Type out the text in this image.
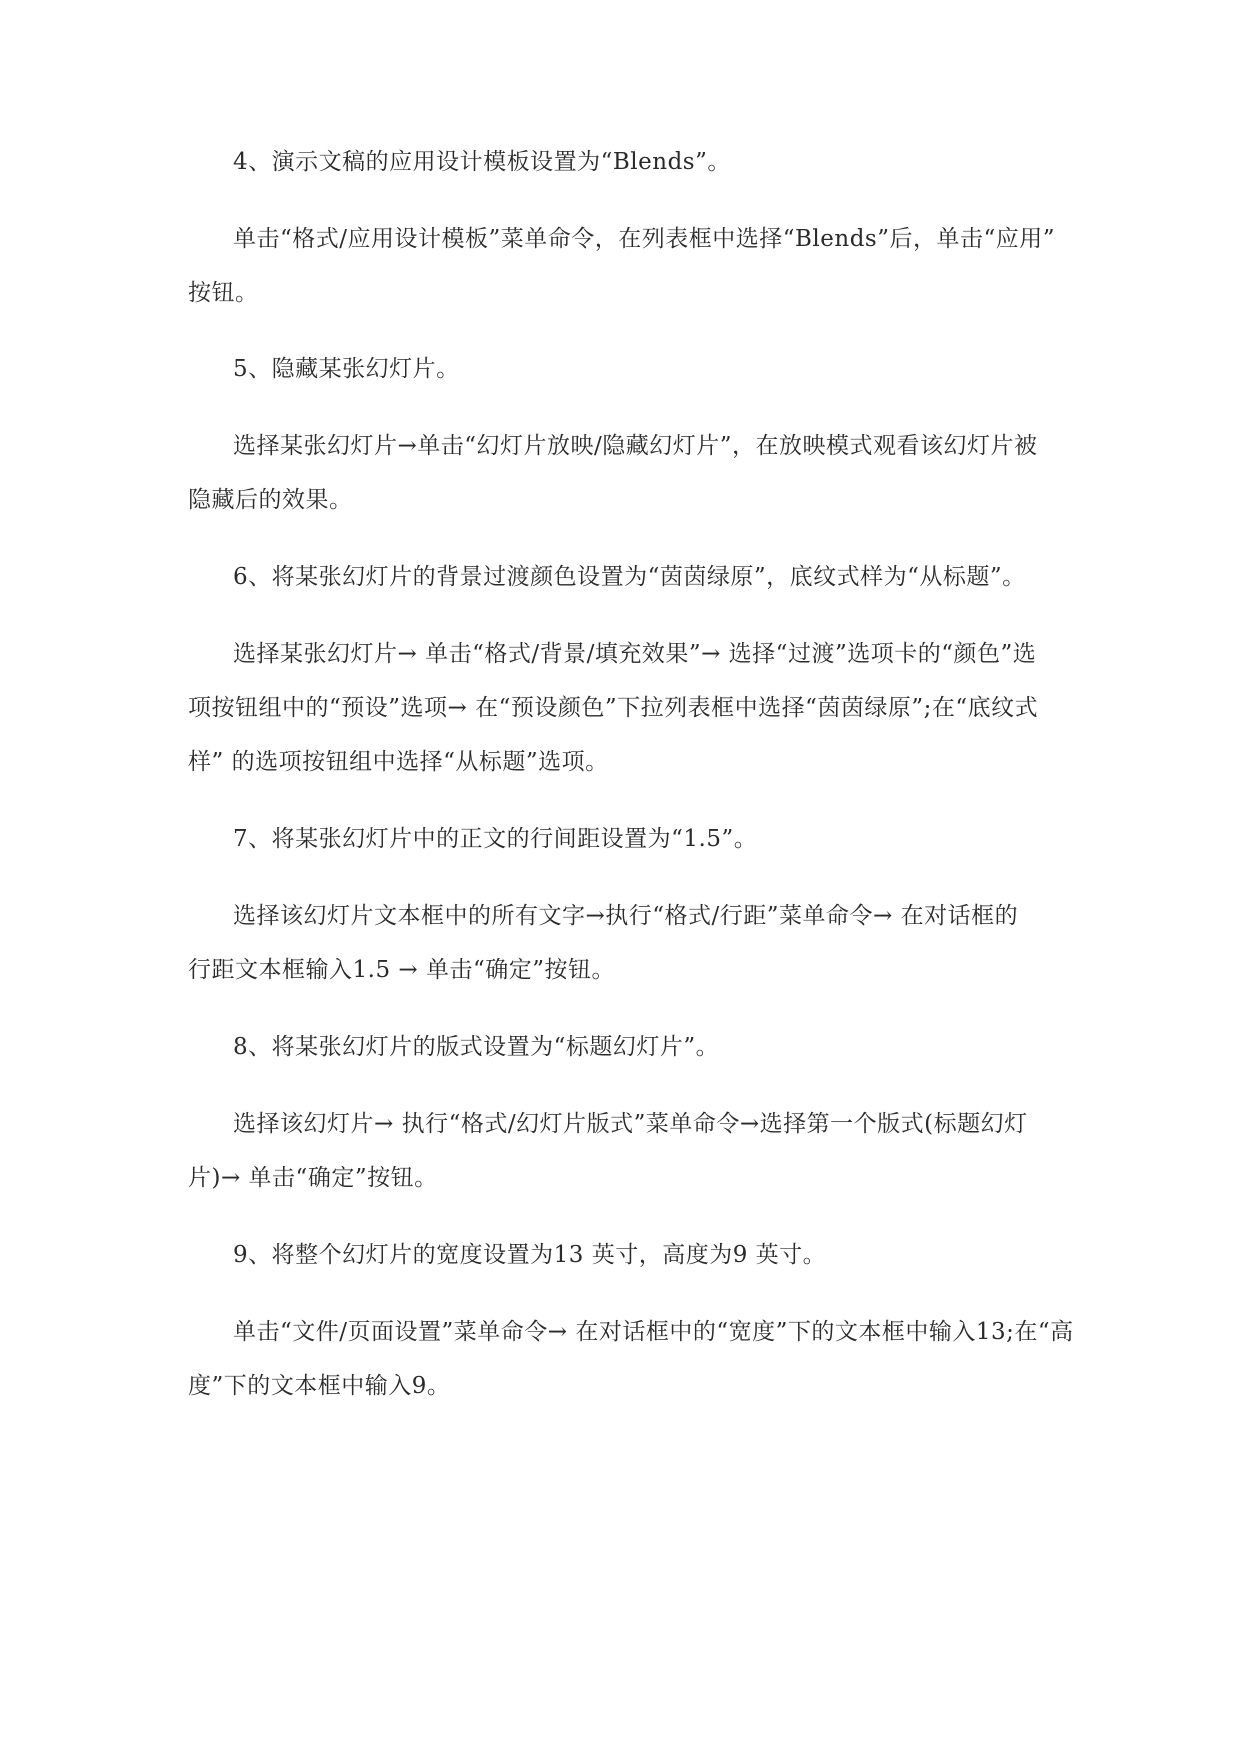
4、演示文稿的应用设计模板设置为“Blends”。
单击“格式/应用设计模板”菜单命令，在列表框中选择“Blends”后，单击“应用”
按钮。
5、隐藏某张幻灯片。
选择某张幻灯片→单击“幻灯片放映/隐藏幻灯片”，在放映模式观看该幻灯片被
隐藏后的效果。
6、将某张幻灯片的背景过渡颜色设置为“茵茵绿原”，底纹式样为“从标题”。
选择某张幻灯片→ 单击“格式/背景/填充效果”→ 选择“过渡”选项卡的“颜色”选
项按钮组中的“预设”选项→ 在“预设颜色”下拉列表框中选择“茵茵绿原”;在“底纹式
样” 的选项按钮组中选择“从标题”选项。
7、将某张幻灯片中的正文的行间距设置为“1.5”。
选择该幻灯片文本框中的所有文字→执行“格式/行距”菜单命令→ 在对话框的
行距文本框输入1.5 → 单击“确定”按钮。
8、将某张幻灯片的版式设置为“标题幻灯片”。
选择该幻灯片→ 执行“格式/幻灯片版式”菜单命令→选择第一个版式(标题幻灯
片)→ 单击“确定”按钮。
9、将整个幻灯片的宽度设置为13 英寸，高度为9 英寸。
单击“文件/页面设置”菜单命令→ 在对话框中的“宽度”下的文本框中输入13;在“高
度”下的文本框中输入9。
